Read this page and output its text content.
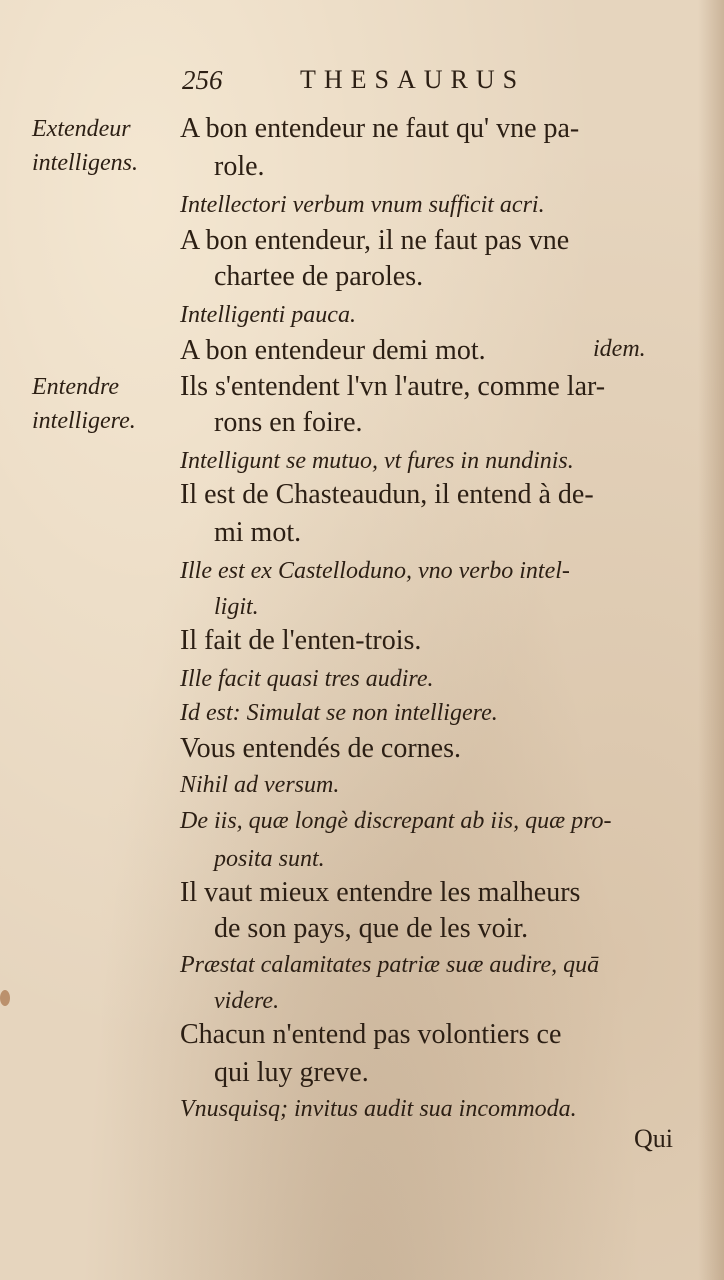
256	THESAURUS
Extendeur
intelligens.
Entendre
intelligere.
A bon entendeur ne faut qu' vne pa-
role.
Intellectori verbum vnum sufficit acri.
A bon entendeur, il ne faut pas vne
chartee de paroles.
Intelligenti pauca.
A bon entendeur demi mot.	idem.
Ils s'entendent l'vn l'autre, comme lar-
rons en foire.
Intelligunt se mutuo, vt fures in nundinis.
Il est de Chasteaudun, il entend à de-
mi mot.
Ille est ex Castelloduno, vno verbo intel-
ligit.
Il fait de l'enten-trois.
Ille facit quasi tres audire.
Id est: Simulat se non intelligere.
Vous entendés de cornes.
Nihil ad versum.
De iis, quæ longè discrepant ab iis, quæ pro-
posita sunt.
Il vaut mieux entendre les malheurs
de son pays, que de les voir.
Præstat calamitates patriæ suæ audire, quā
videre.
Chacun n'entend pas volontiers ce
qui luy greve.
Vnusquisq; invitus audit sua incommoda.
Qui
